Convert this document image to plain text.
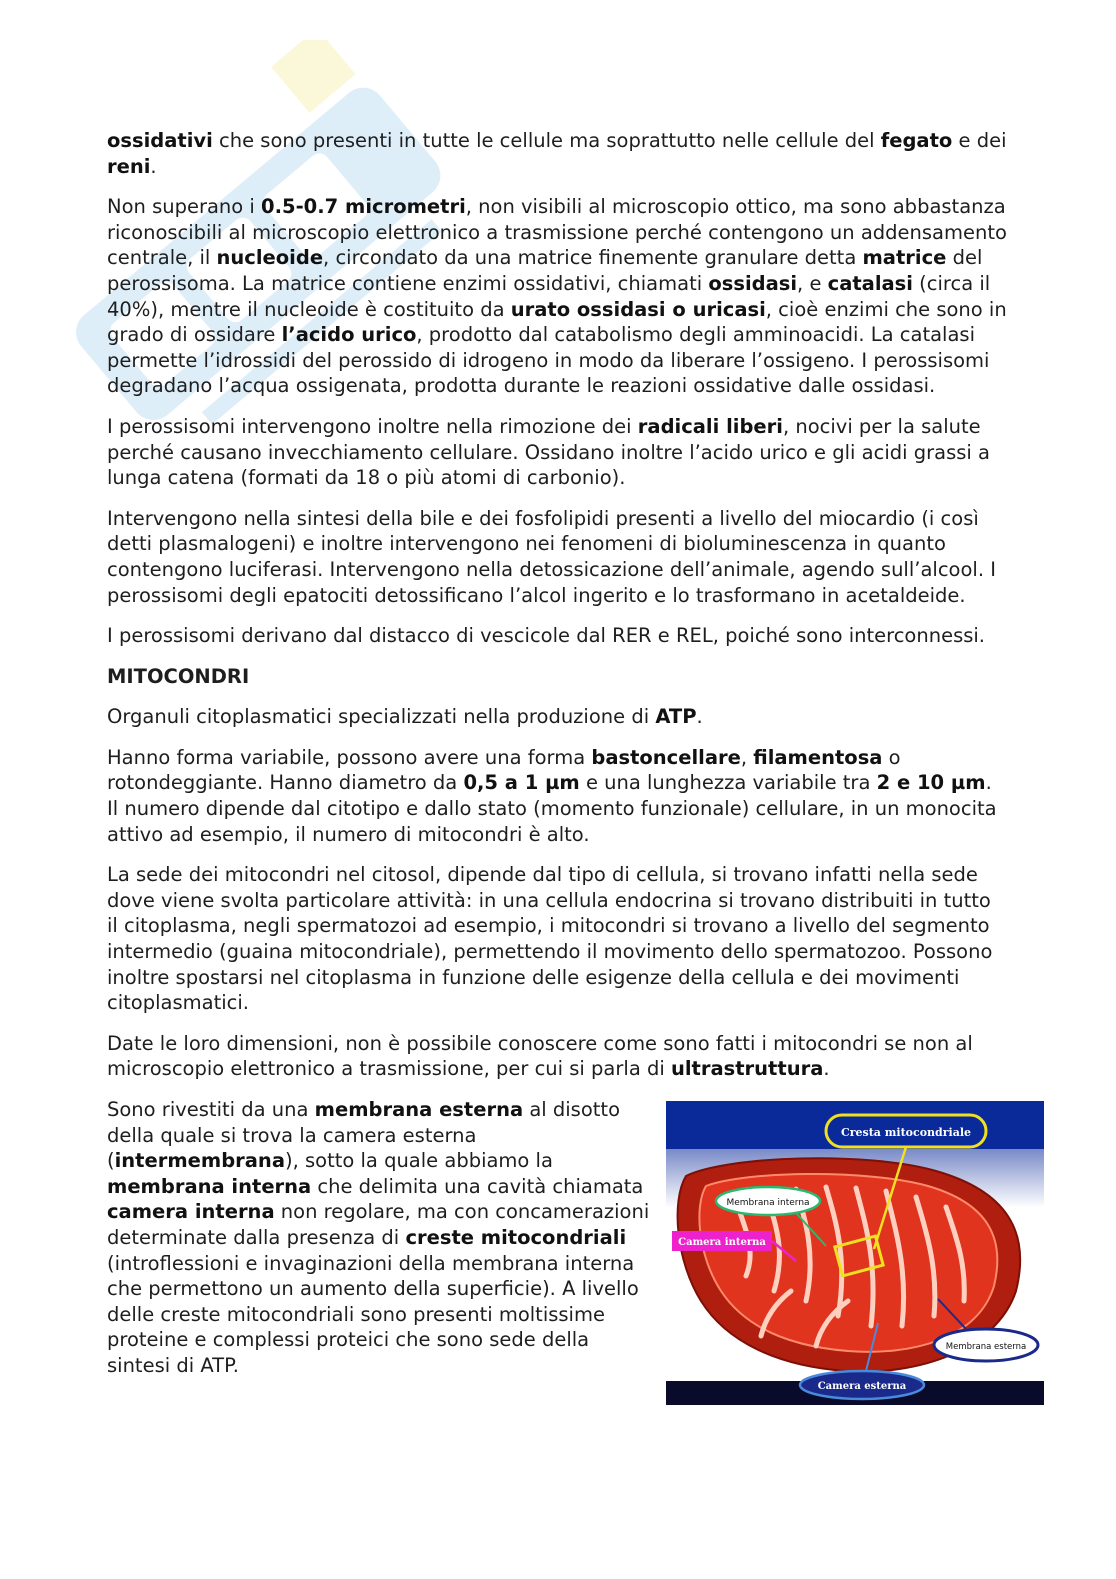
ossidativi che sono presenti in tutte le cellule ma soprattutto nelle cellule del fegato e dei reni.

Non superano i 0.5-0.7 micrometri, non visibili al microscopio ottico, ma sono abbastanza riconoscibili al microscopio elettronico a trasmissione perché contengono un addensamento centrale, il nucleoide, circondato da una matrice finemente granulare detta matrice del perossisoma. La matrice contiene enzimi ossidativi, chiamati ossidasi, e catalasi (circa il 40%), mentre il nucleoide è costituito da urato ossidasi o uricasi, cioè enzimi che sono in grado di ossidare l’acido urico, prodotto dal catabolismo degli amminoacidi. La catalasi permette l’idrossidi del perossido di idrogeno in modo da liberare l’ossigeno. I perossisomi degradano l’acqua ossigenata, prodotta durante le reazioni ossidative dalle ossidasi.

I perossisomi intervengono inoltre nella rimozione dei radicali liberi, nocivi per la salute perché causano invecchiamento cellulare. Ossidano inoltre l’acido urico e gli acidi grassi a lunga catena (formati da 18 o più atomi di carbonio).

Intervengono nella sintesi della bile e dei fosfolipidi presenti a livello del miocardio (i così detti plasmalogeni) e inoltre intervengono nei fenomeni di bioluminescenza in quanto contengono luciferasi. Intervengono nella detossicazione dell’animale, agendo sull’alcool. I perossisomi degli epatociti detossificano l’alcol ingerito e lo trasformano in acetaldeide.

I perossisomi derivano dal distacco di vescicole dal RER e REL, poiché sono interconnessi.

MITOCONDRI

Organuli citoplasmatici specializzati nella produzione di ATP.

Hanno forma variabile, possono avere una forma bastoncellare, filamentosa o rotondeggiante. Hanno diametro da 0,5 a 1 µm e una lunghezza variabile tra 2 e 10 µm. Il numero dipende dal citotipo e dallo stato (momento funzionale) cellulare, in un monocita attivo ad esempio, il numero di mitocondri è alto.

La sede dei mitocondri nel citosol, dipende dal tipo di cellula, si trovano infatti nella sede dove viene svolta particolare attività: in una cellula endocrina si trovano distribuiti in tutto il citoplasma, negli spermatozoi ad esempio, i mitocondri si trovano a livello del segmento intermedio (guaina mitocondriale), permettendo il movimento dello spermatozoo. Possono inoltre spostarsi nel citoplasma in funzione delle esigenze della cellula e dei movimenti citoplasmatici.

Date le loro dimensioni, non è possibile conoscere come sono fatti i mitocondri se non al microscopio elettronico a trasmissione, per cui si parla di ultrastruttura.

Sono rivestiti da una membrana esterna al disotto della quale si trova la camera esterna (intermembrana), sotto la quale abbiamo la membrana interna che delimita una cavità chiamata camera interna non regolare, ma con concamerazioni determinate dalla presenza di creste mitocondriali (introflessioni e invaginazioni della membrana interna che permettono un aumento della superficie). A livello delle creste mitocondriali sono presenti moltissime proteine e complessi proteici che sono sede della sintesi di ATP.

Cresta mitocondriale
Membrana interna
Camera interna
Membrana esterna
Camera esterna
